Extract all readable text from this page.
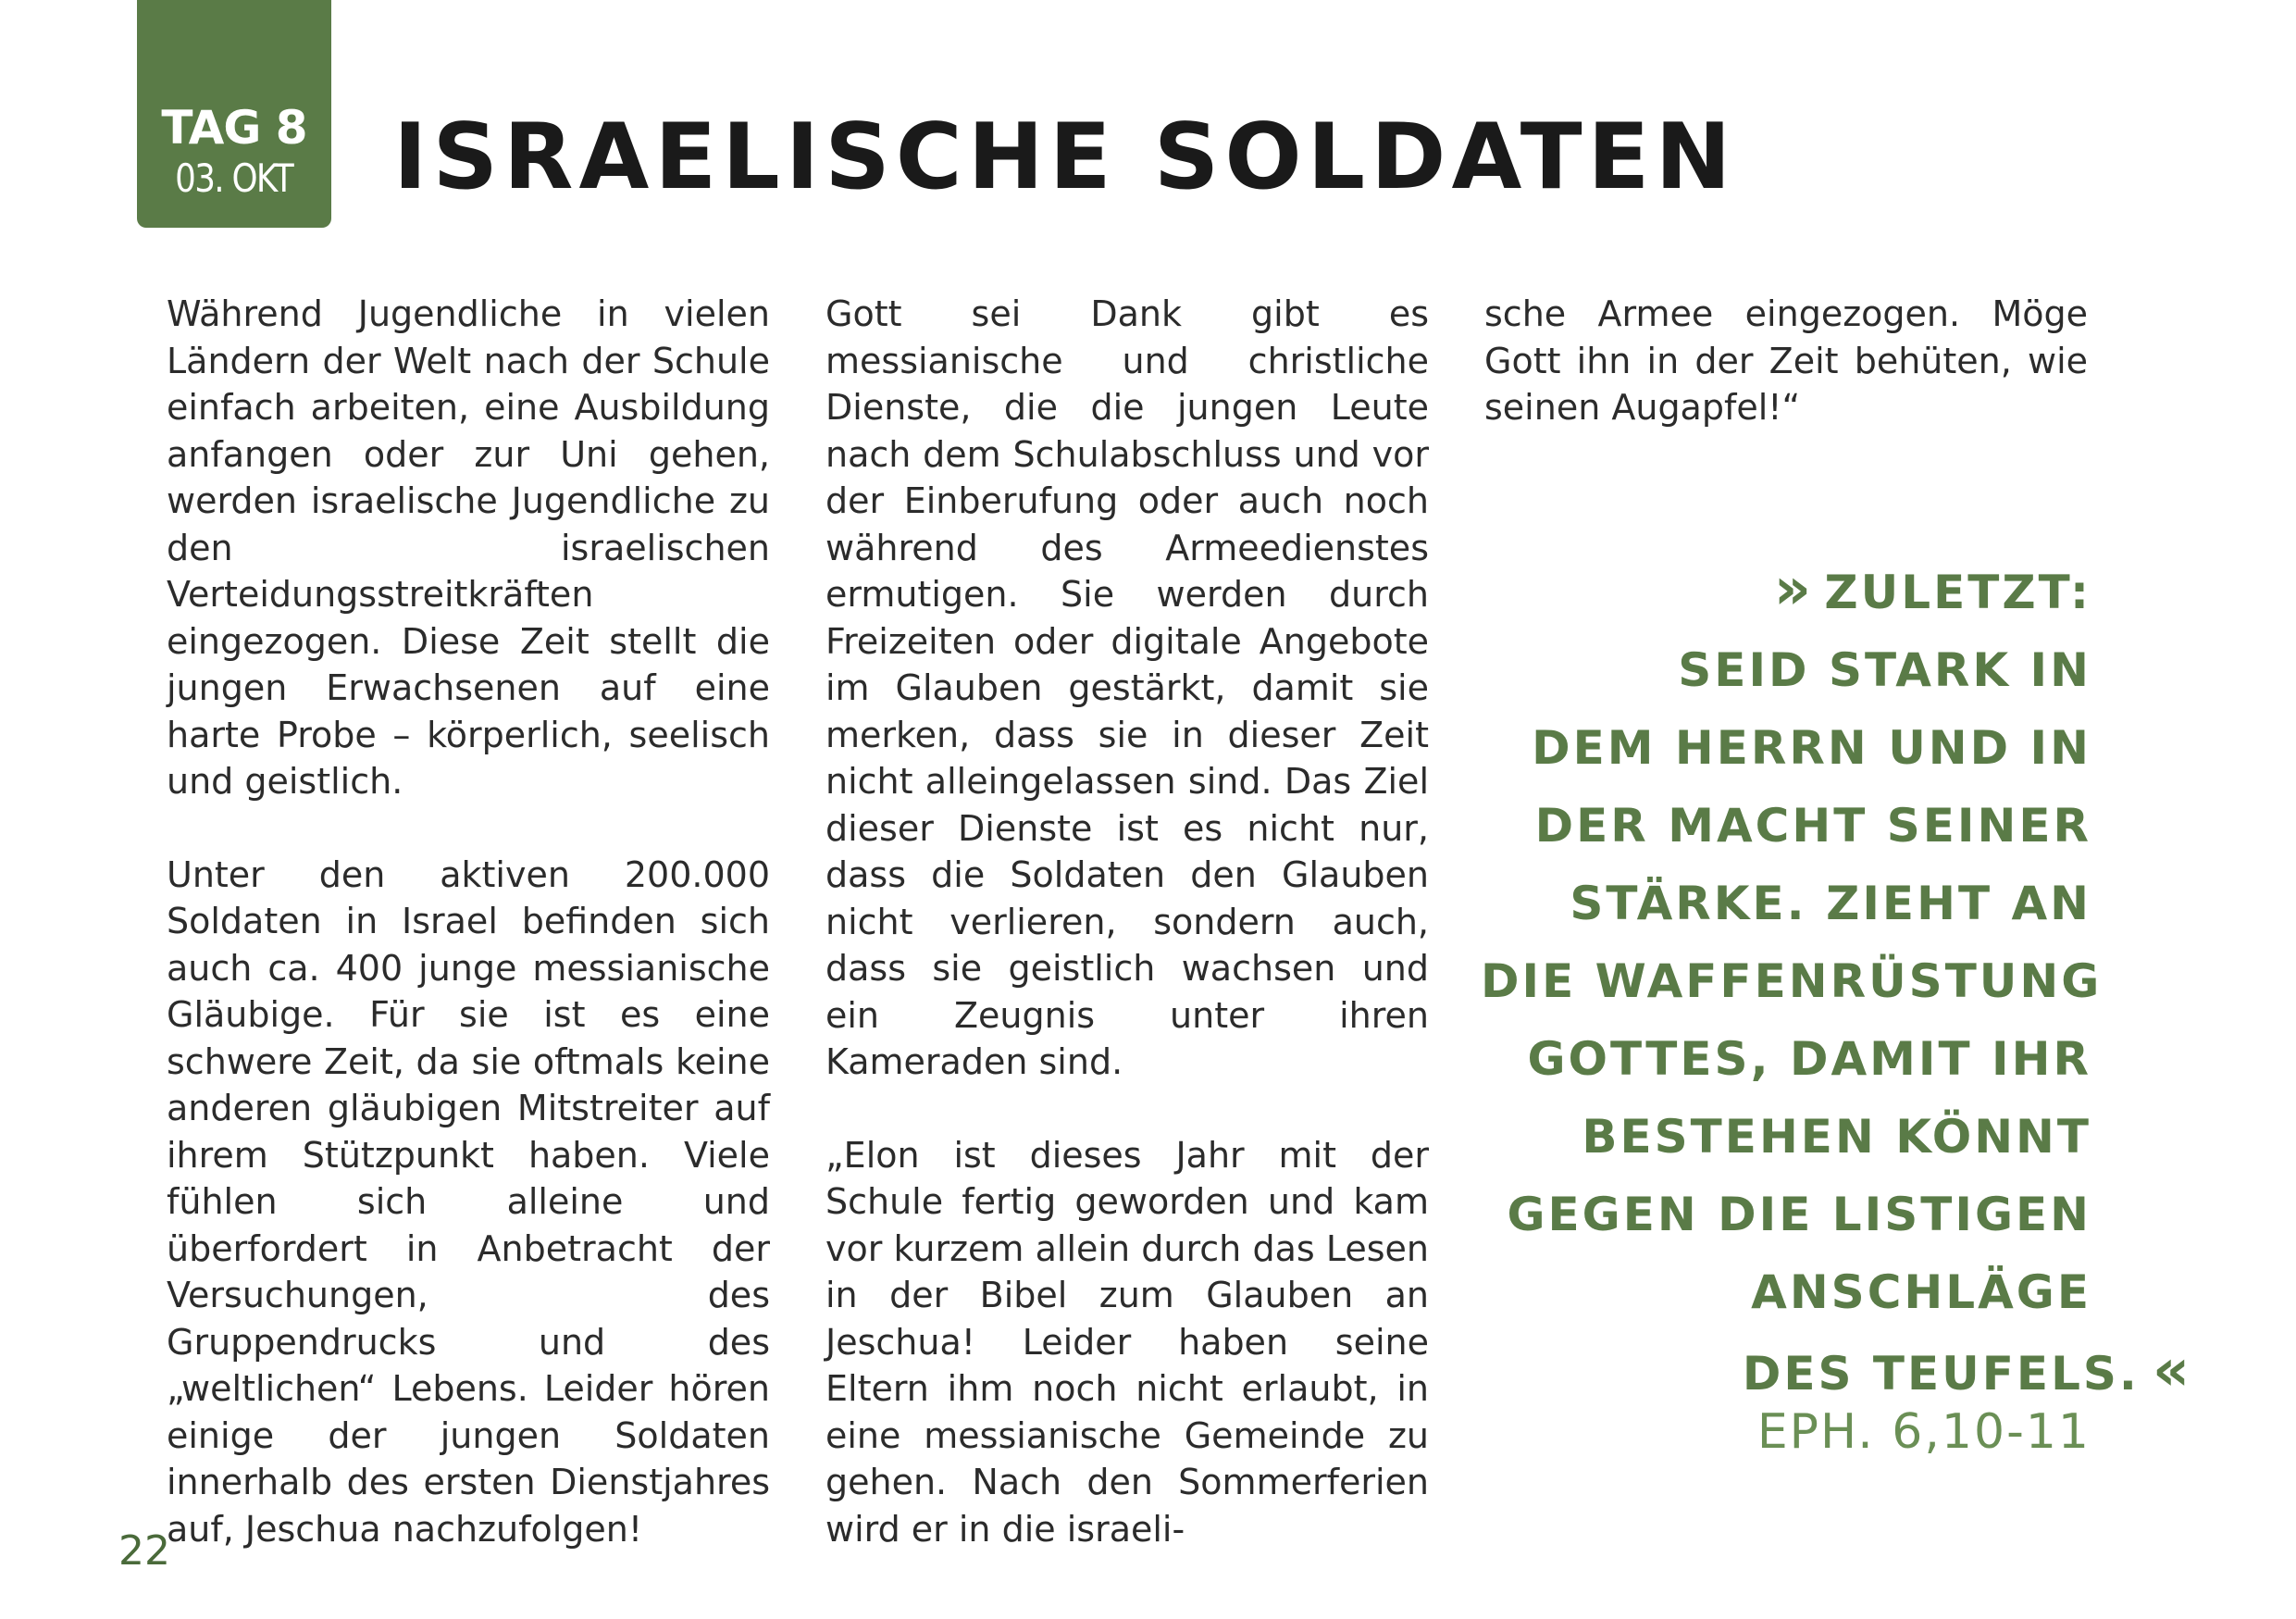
TAG 8
03. OKT	ISRAELISCHE SOLDATEN

Während Jugendliche in vielen Ländern der Welt nach der Schule einfach arbeiten, eine Ausbildung anfangen oder zur Uni gehen, werden israelische Jugendliche zu den israelischen Verteidungsstreitkräften eingezogen. Diese Zeit stellt die jungen Erwachsenen auf eine harte Probe – körperlich, seelisch und geistlich.

Unter den aktiven 200.000 Soldaten in Israel befinden sich auch ca. 400 junge messianische Gläubige. Für sie ist es eine schwere Zeit, da sie oftmals keine anderen gläubigen Mitstreiter auf ihrem Stützpunkt haben. Viele fühlen sich alleine und überfordert in Anbetracht der Versuchungen, des Gruppendrucks und des „weltlichen“ Lebens. Leider hören einige der jungen Soldaten innerhalb des ersten Dienstjahres auf, Jeschua nachzufolgen!

Gott sei Dank gibt es messianische und christliche Dienste, die die jungen Leute nach dem Schulabschluss und vor der Einberufung oder auch noch während des Armeedienstes ermutigen. Sie werden durch Freizeiten oder digitale Angebote im Glauben gestärkt, damit sie merken, dass sie in dieser Zeit nicht alleingelassen sind. Das Ziel dieser Dienste ist es nicht nur, dass die Soldaten den Glauben nicht verlieren, sondern auch, dass sie geistlich wachsen und ein Zeugnis unter ihren Kameraden sind.

„Elon ist dieses Jahr mit der Schule fertig geworden und kam vor kurzem allein durch das Lesen in der Bibel zum Glauben an Jeschua! Leider haben seine Eltern ihm noch nicht erlaubt, in eine messianische Gemeinde zu gehen. Nach den Sommerferien wird er in die israeli-

sche Armee eingezogen. Möge Gott ihn in der Zeit behüten, wie seinen Augapfel!“

» ZULETZT:
SEID STARK IN
DEM HERRN UND IN
DER MACHT SEINER
STÄRKE. ZIEHT AN
DIE WAFFENRÜSTUNG
GOTTES, DAMIT IHR
BESTEHEN KÖNNT
GEGEN DIE LISTIGEN
ANSCHLÄGE
DES TEUFELS. «
EPH. 6,10-11
22
